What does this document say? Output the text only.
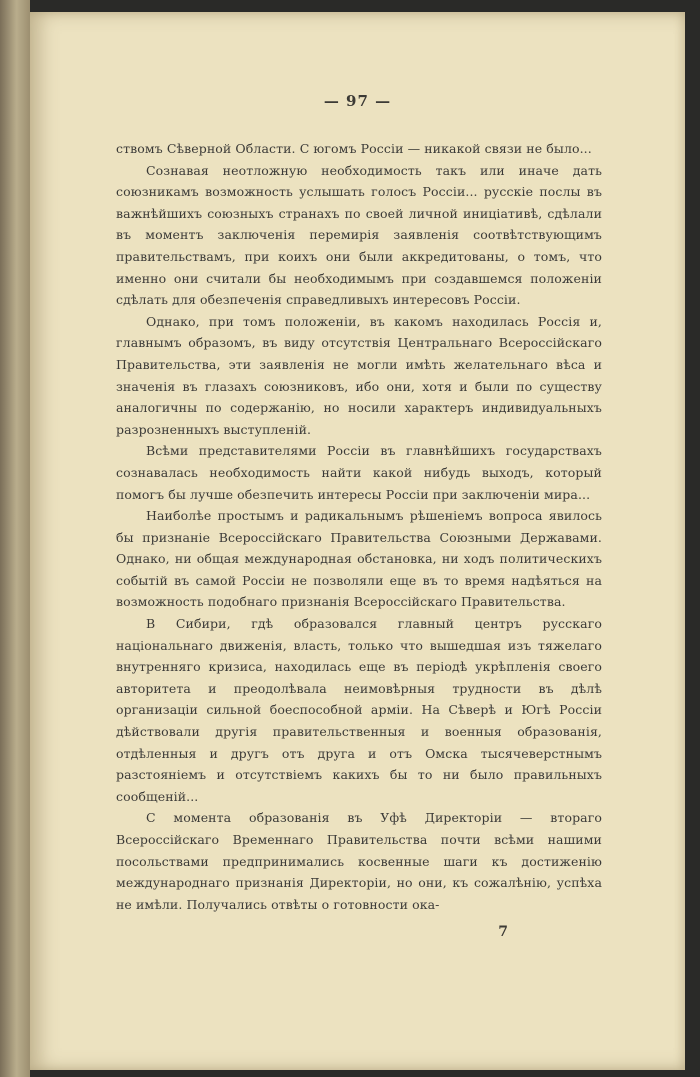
— 97 —

ствомъ Сѣверной Области. С югомъ Россіи — никакой связи не было...

Сознавая неотложную необходимость такъ или иначе дать союзникамъ возможность услышать голосъ Россіи... русскіе послы въ важнѣйшихъ союзныхъ странахъ по своей личной иниціативѣ, сдѣлали въ моментъ заключенія перемирія заявленія соотвѣтствующимъ правительствамъ, при коихъ они были аккредитованы, о томъ, что именно они считали бы необходимымъ при создавшемся положеніи сдѣлать для обезпеченія справедливыхъ интересовъ Россіи.

Однако, при томъ положеніи, въ какомъ находилась Россія и, главнымъ образомъ, въ виду отсутствія Центральнаго Всероссійскаго Правительства, эти заявленія не могли имѣть желательнаго вѣса и значенія въ глазахъ союзниковъ, ибо они, хотя и были по существу аналогичны по содержанію, но носили характеръ индивидуальныхъ разрозненныхъ выступленій.

Всѣми представителями Россіи въ главнѣйшихъ государствахъ сознавалась необходимость найти какой нибудь выходъ, который помогъ бы лучше обезпечить интересы Россіи при заключеніи мира...

Наиболѣе простымъ и радикальнымъ рѣшеніемъ вопроса явилось бы признаніе Всероссійскаго Правительства Союзными Державами. Однако, ни общая международная обстановка, ни ходъ политическихъ событій въ самой Россіи не позволяли еще въ то время надѣяться на возможность подобнаго признанія Всероссійскаго Правительства.

В Сибири, гдѣ образовался главный центръ русскаго національнаго движенія, власть, только что вышедшая изъ тяжелаго внутренняго кризиса, находилась еще въ періодѣ укрѣпленія своего авторитета и преодолѣвала неимовѣрныя трудности въ дѣлѣ организаціи сильной боеспособной арміи. На Сѣверѣ и Югѣ Россіи дѣйствовали другія правительственныя и военныя образованія, отдѣленныя и другъ отъ друга и отъ Омска тысячеверстнымъ разстояніемъ и отсутствіемъ какихъ бы то ни было правильныхъ сообщеній...

С момента образованія въ Уфѣ Директоріи — втораго Всероссійскаго Временнаго Правительства почти всѣми нашими посольствами предпринимались косвенные шаги къ достиженію международнаго признанія Директоріи, но они, къ сожалѣнію, успѣха не имѣли. Получались отвѣты о готовности ока-

7
